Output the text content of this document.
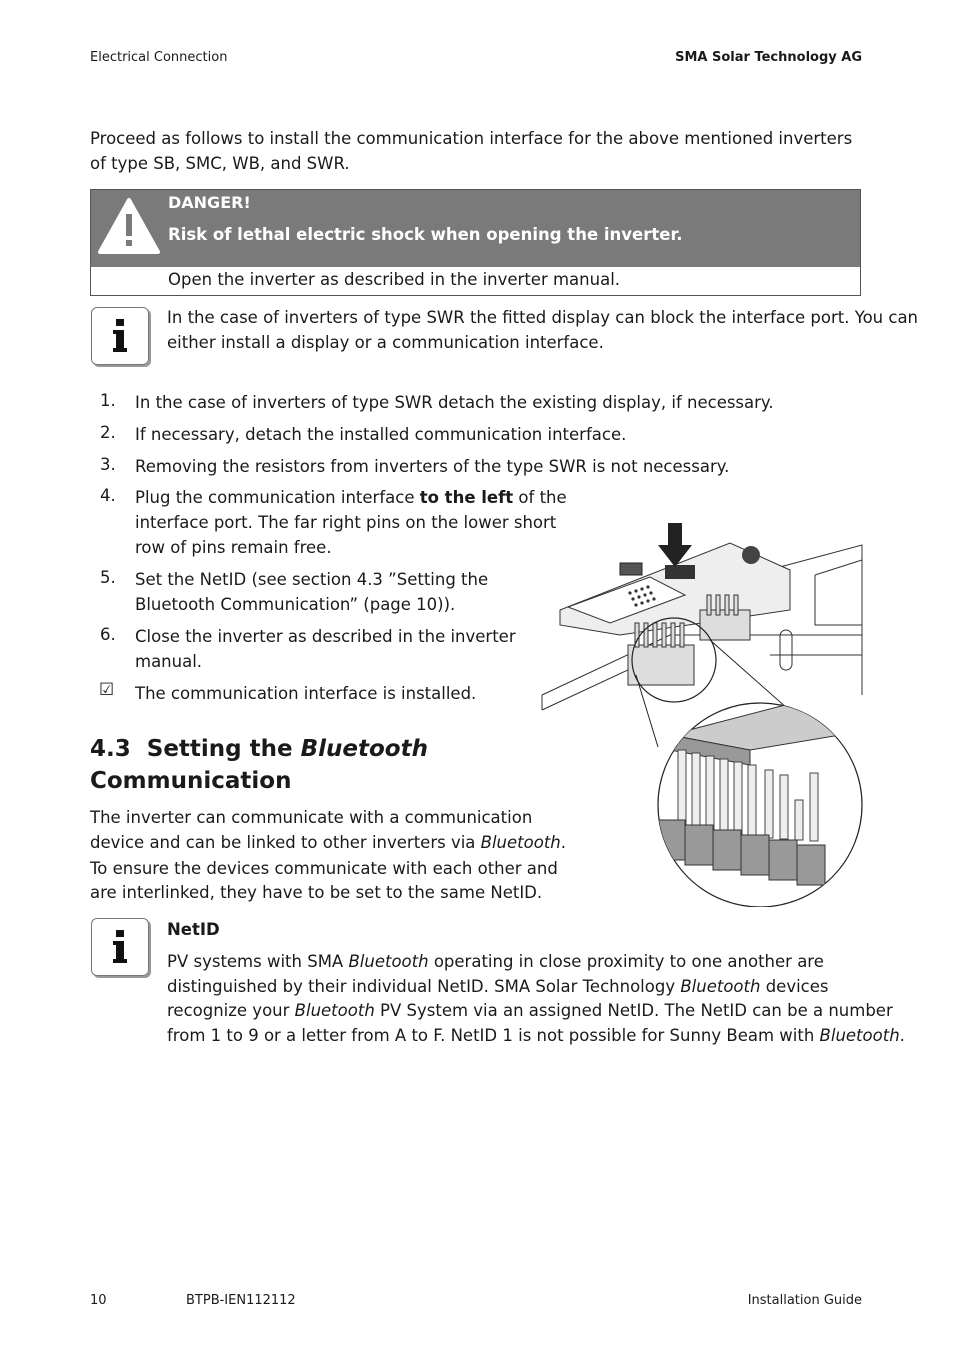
Electrical Connection	SMA Solar Technology AG
Proceed as follows to install the communication interface for the above mentioned inverters of type SB, SMC, WB, and SWR.
DANGER!
Risk of lethal electric shock when opening the inverter.
Open the inverter as described in the inverter manual.
In the case of inverters of type SWR the fitted display can block the interface port. You can
either install a display or a communication interface.
1. In the case of inverters of type SWR detach the existing display, if necessary.
2. If necessary, detach the installed communication interface.
3. Removing the resistors from inverters of the type SWR is not necessary.
4. Plug the communication interface to the left of the
interface port. The far right pins on the lower short
row of pins remain free.
5. Set the NetID (see section 4.3 ”Setting the
Bluetooth Communication” (page 10)).
6. Close the inverter as described in the inverter
manual.
☑ The communication interface is installed.
4.3 Setting the Bluetooth
Communication
The inverter can communicate with a communication
device and can be linked to other inverters via Bluetooth.
To ensure the devices communicate with each other and
are interlinked, they have to be set to the same NetID.
NetID
PV systems with SMA Bluetooth operating in close proximity to one another are
distinguished by their individual NetID. SMA Solar Technology Bluetooth devices
recognize your Bluetooth PV System via an assigned NetID. The NetID can be a number
from 1 to 9 or a letter from A to F. NetID 1 is not possible for Sunny Beam with Bluetooth.
10	BTPB-IEN112112	Installation Guide
